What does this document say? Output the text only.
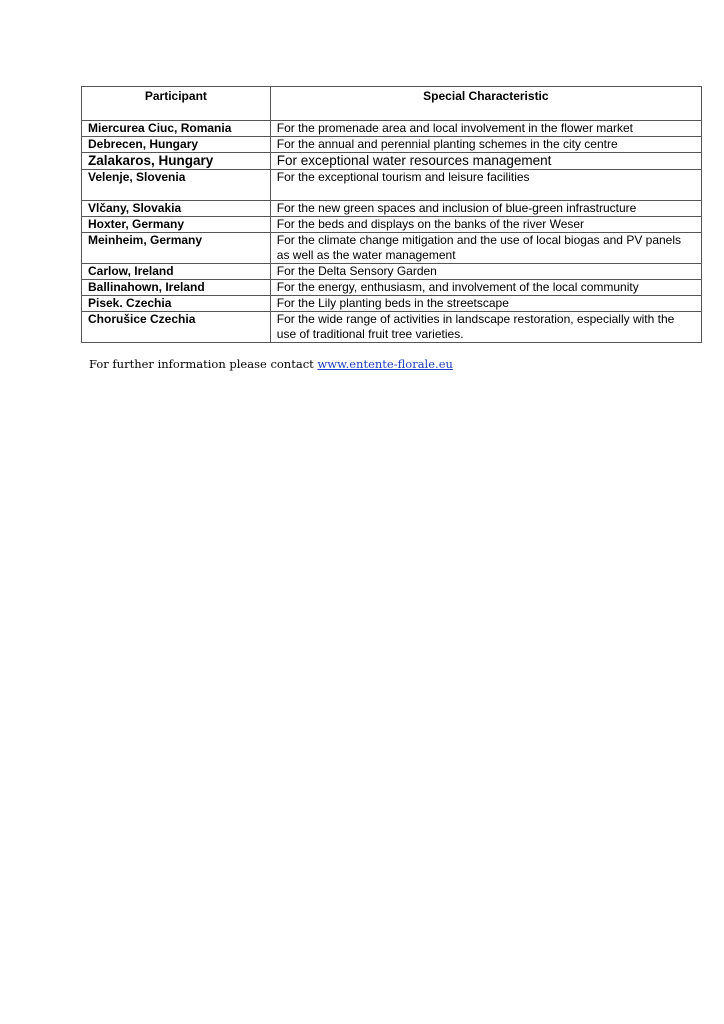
Participant	Special Characteristic
Miercurea Ciuc, Romania	For the promenade area and local involvement in the flower market
Debrecen, Hungary	For the annual and perennial planting schemes in the city centre
Zalakaros, Hungary	For exceptional water resources management
Velenje, Slovenia	For the exceptional tourism and leisure facilities
Vlčany, Slovakia	For the new green spaces and inclusion of blue-green infrastructure
Hoxter, Germany	For the beds and displays on the banks of the river Weser
Meinheim, Germany	For the climate change mitigation and the use of local biogas and PV panels as well as the water management
Carlow, Ireland	For the Delta Sensory Garden
Ballinahown, Ireland	For the energy, enthusiasm, and involvement of the local community
Pisek. Czechia	For the Lily planting beds in the streetscape
Chorušice Czechia	For the wide range of activities in landscape restoration, especially with the use of traditional fruit tree varieties.
For further information please contact www.entente-florale.eu
